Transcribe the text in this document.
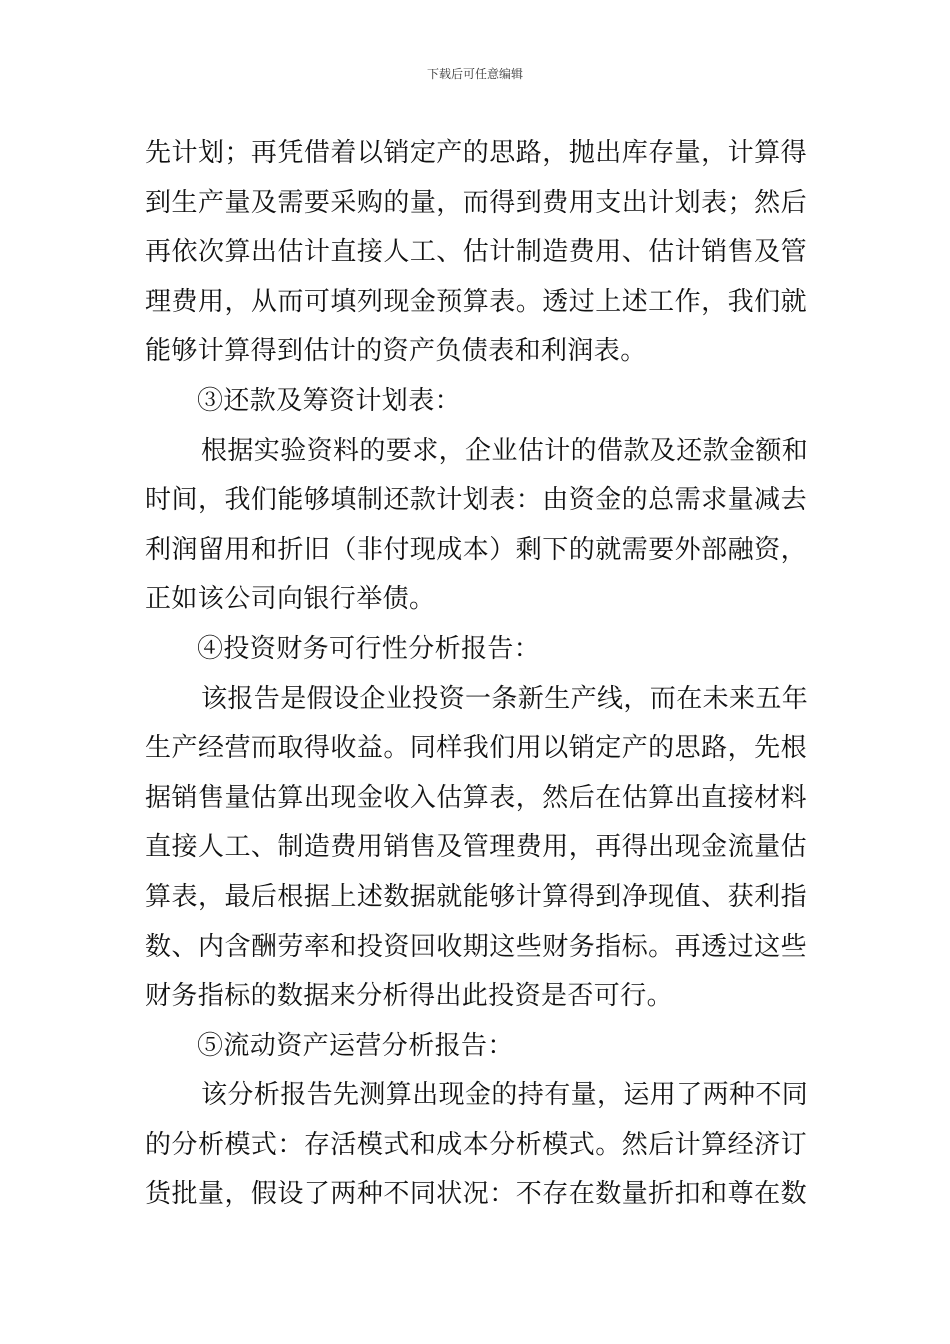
下载后可任意编辑
先计划；再凭借着以销定产的思路，抛出库存量，计算得
到生产量及需要采购的量，而得到费用支出计划表；然后
再依次算出估计直接人工、估计制造费用、估计销售及管
理费用，从而可填列现金预算表。透过上述工作，我们就
能够计算得到估计的资产负债表和利润表。
③还款及筹资计划表：
根据实验资料的要求，企业估计的借款及还款金额和
时间，我们能够填制还款计划表：由资金的总需求量减去
利润留用和折旧（非付现成本）剩下的就需要外部融资，
正如该公司向银行举债。
④投资财务可行性分析报告：
该报告是假设企业投资一条新生产线，而在未来五年
生产经营而取得收益。同样我们用以销定产的思路，先根
据销售量估算出现金收入估算表，然后在估算出直接材料
直接人工、制造费用销售及管理费用，再得出现金流量估
算表，最后根据上述数据就能够计算得到净现值、获利指
数、内含酬劳率和投资回收期这些财务指标。再透过这些
财务指标的数据来分析得出此投资是否可行。
⑤流动资产运营分析报告：
该分析报告先测算出现金的持有量，运用了两种不同
的分析模式：存活模式和成本分析模式。然后计算经济订
货批量，假设了两种不同状况：不存在数量折扣和尊在数
